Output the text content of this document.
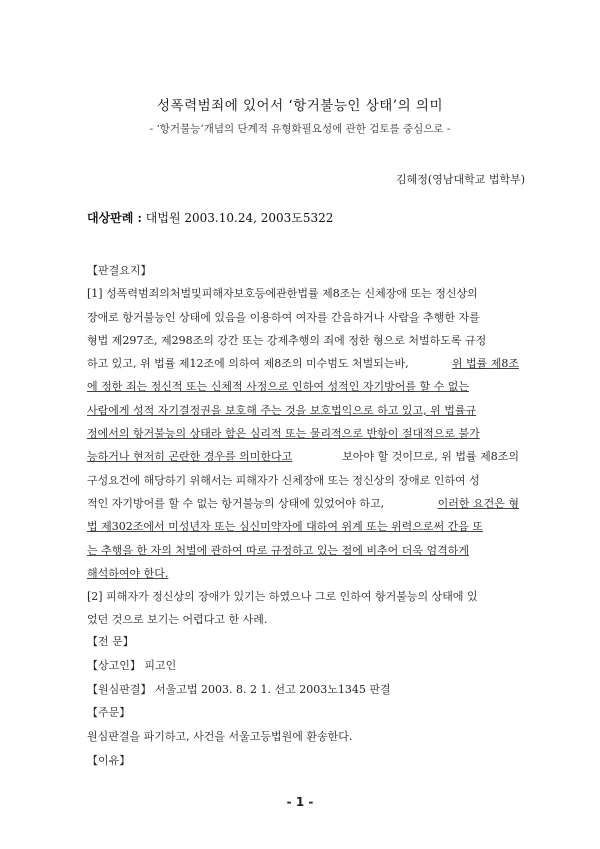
성폭력범죄에 있어서 ‘항거불능인 상태’의 의미
- ‘항거불능’개념의 단계적 유형화필요성에 관한 검토를 중심으로 -
김혜정(영남대학교 법학부)
대상판례 : 대법원 2003.10.24, 2003도5322
【판결요지】
[1] 성폭력범죄의처벌및피해자보호등에관한법률 제8조는 신체장애 또는 정신상의
장애로 항거불능인 상태에 있음을 이용하여 여자를 간음하거나 사람을 추행한 자를
형법 제297조, 제298조의 강간 또는 강제추행의 죄에 정한 형으로 처벌하도록 규정
하고 있고, 위 법률 제12조에 의하여 제8조의 미수범도 처벌되는바,	위 법률 제8조
에 정한 죄는 정신적 또는 신체적 사정으로 인하여 성적인 자기방어를 할 수 없는
사람에게 성적 자기결정권을 보호해 주는 것을 보호법익으로 하고 있고, 위 법률규
정에서의 항거불능의 상태라 함은 심리적 또는 물리적으로 반항이 절대적으로 불가
능하거나 현저히 곤란한 경우를 의미한다고	보아야 할 것이므로, 위 법률 제8조의
구성요건에 해당하기 위해서는 피해자가 신체장애 또는 정신상의 장애로 인하여 성
적인 자기방어를 할 수 없는 항거불능의 상태에 있었어야 하고,	이러한 요건은 형
법 제302조에서 미성년자 또는 심신미약자에 대하여 위계 또는 위력으로써 간음 또
는 추행을 한 자의 처벌에 관하여 따로 규정하고 있는 점에 비추어 더욱 엄격하게
해석하여야 한다.
[2] 피해자가 정신상의 장애가 있기는 하였으나 그로 인하여 항거불능의 상태에 있
었던 것으로 보기는 어렵다고 한 사례.
【전 문】
【상고인】 피고인
【원심판결】 서울고법 2003. 8. 2 1. 선고 2003노1345 판결
【주문】
원심판결을 파기하고, 사건을 서울고등법원에 환송한다.
【이유】
- 1 -
